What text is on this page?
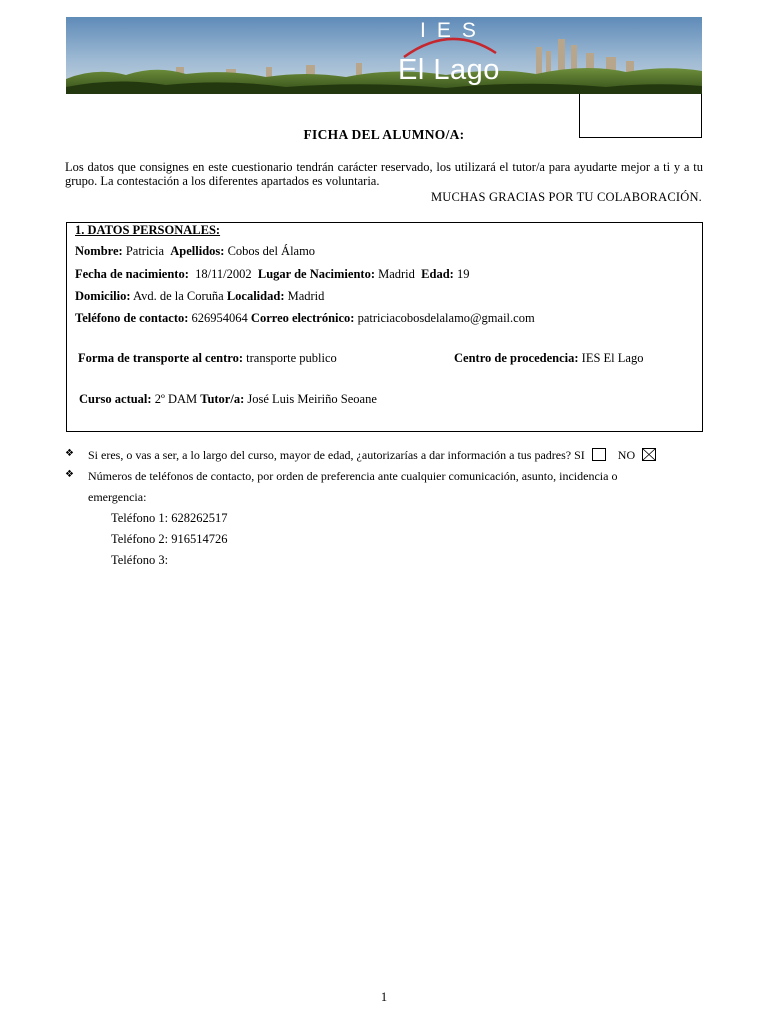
IES
El Lago
FICHA DEL ALUMNO/A:
Los datos que consignes en este cuestionario tendrán carácter reservado, los utilizará el tutor/a para ayudarte mejor a ti y a tu grupo. La contestación a los diferentes apartados es voluntaria.
MUCHAS GRACIAS POR TU COLABORACIÓN.
1. DATOS PERSONALES:
Nombre: Patricia Apellidos: Cobos del Álamo
Fecha de nacimiento: 18/11/2002 Lugar de Nacimiento: Madrid Edad: 19
Domicilio: Avd. de la Coruña Localidad: Madrid
Teléfono de contacto: 626954064 Correo electrónico: patriciacobosdelalamo@gmail.com
Forma de transporte al centro: transporte publico	Centro de procedencia: IES El Lago
Curso actual: 2º DAM Tutor/a: José Luis Meiriño Seoane
❖ Si eres, o vas a ser, a lo largo del curso, mayor de edad, ¿autorizarías a dar información a tus padres? SI	NO
❖ Números de teléfonos de contacto, por orden de preferencia ante cualquier comunicación, asunto, incidencia o
emergencia:
Teléfono 1: 628262517
Teléfono 2: 916514726
Teléfono 3:
1
